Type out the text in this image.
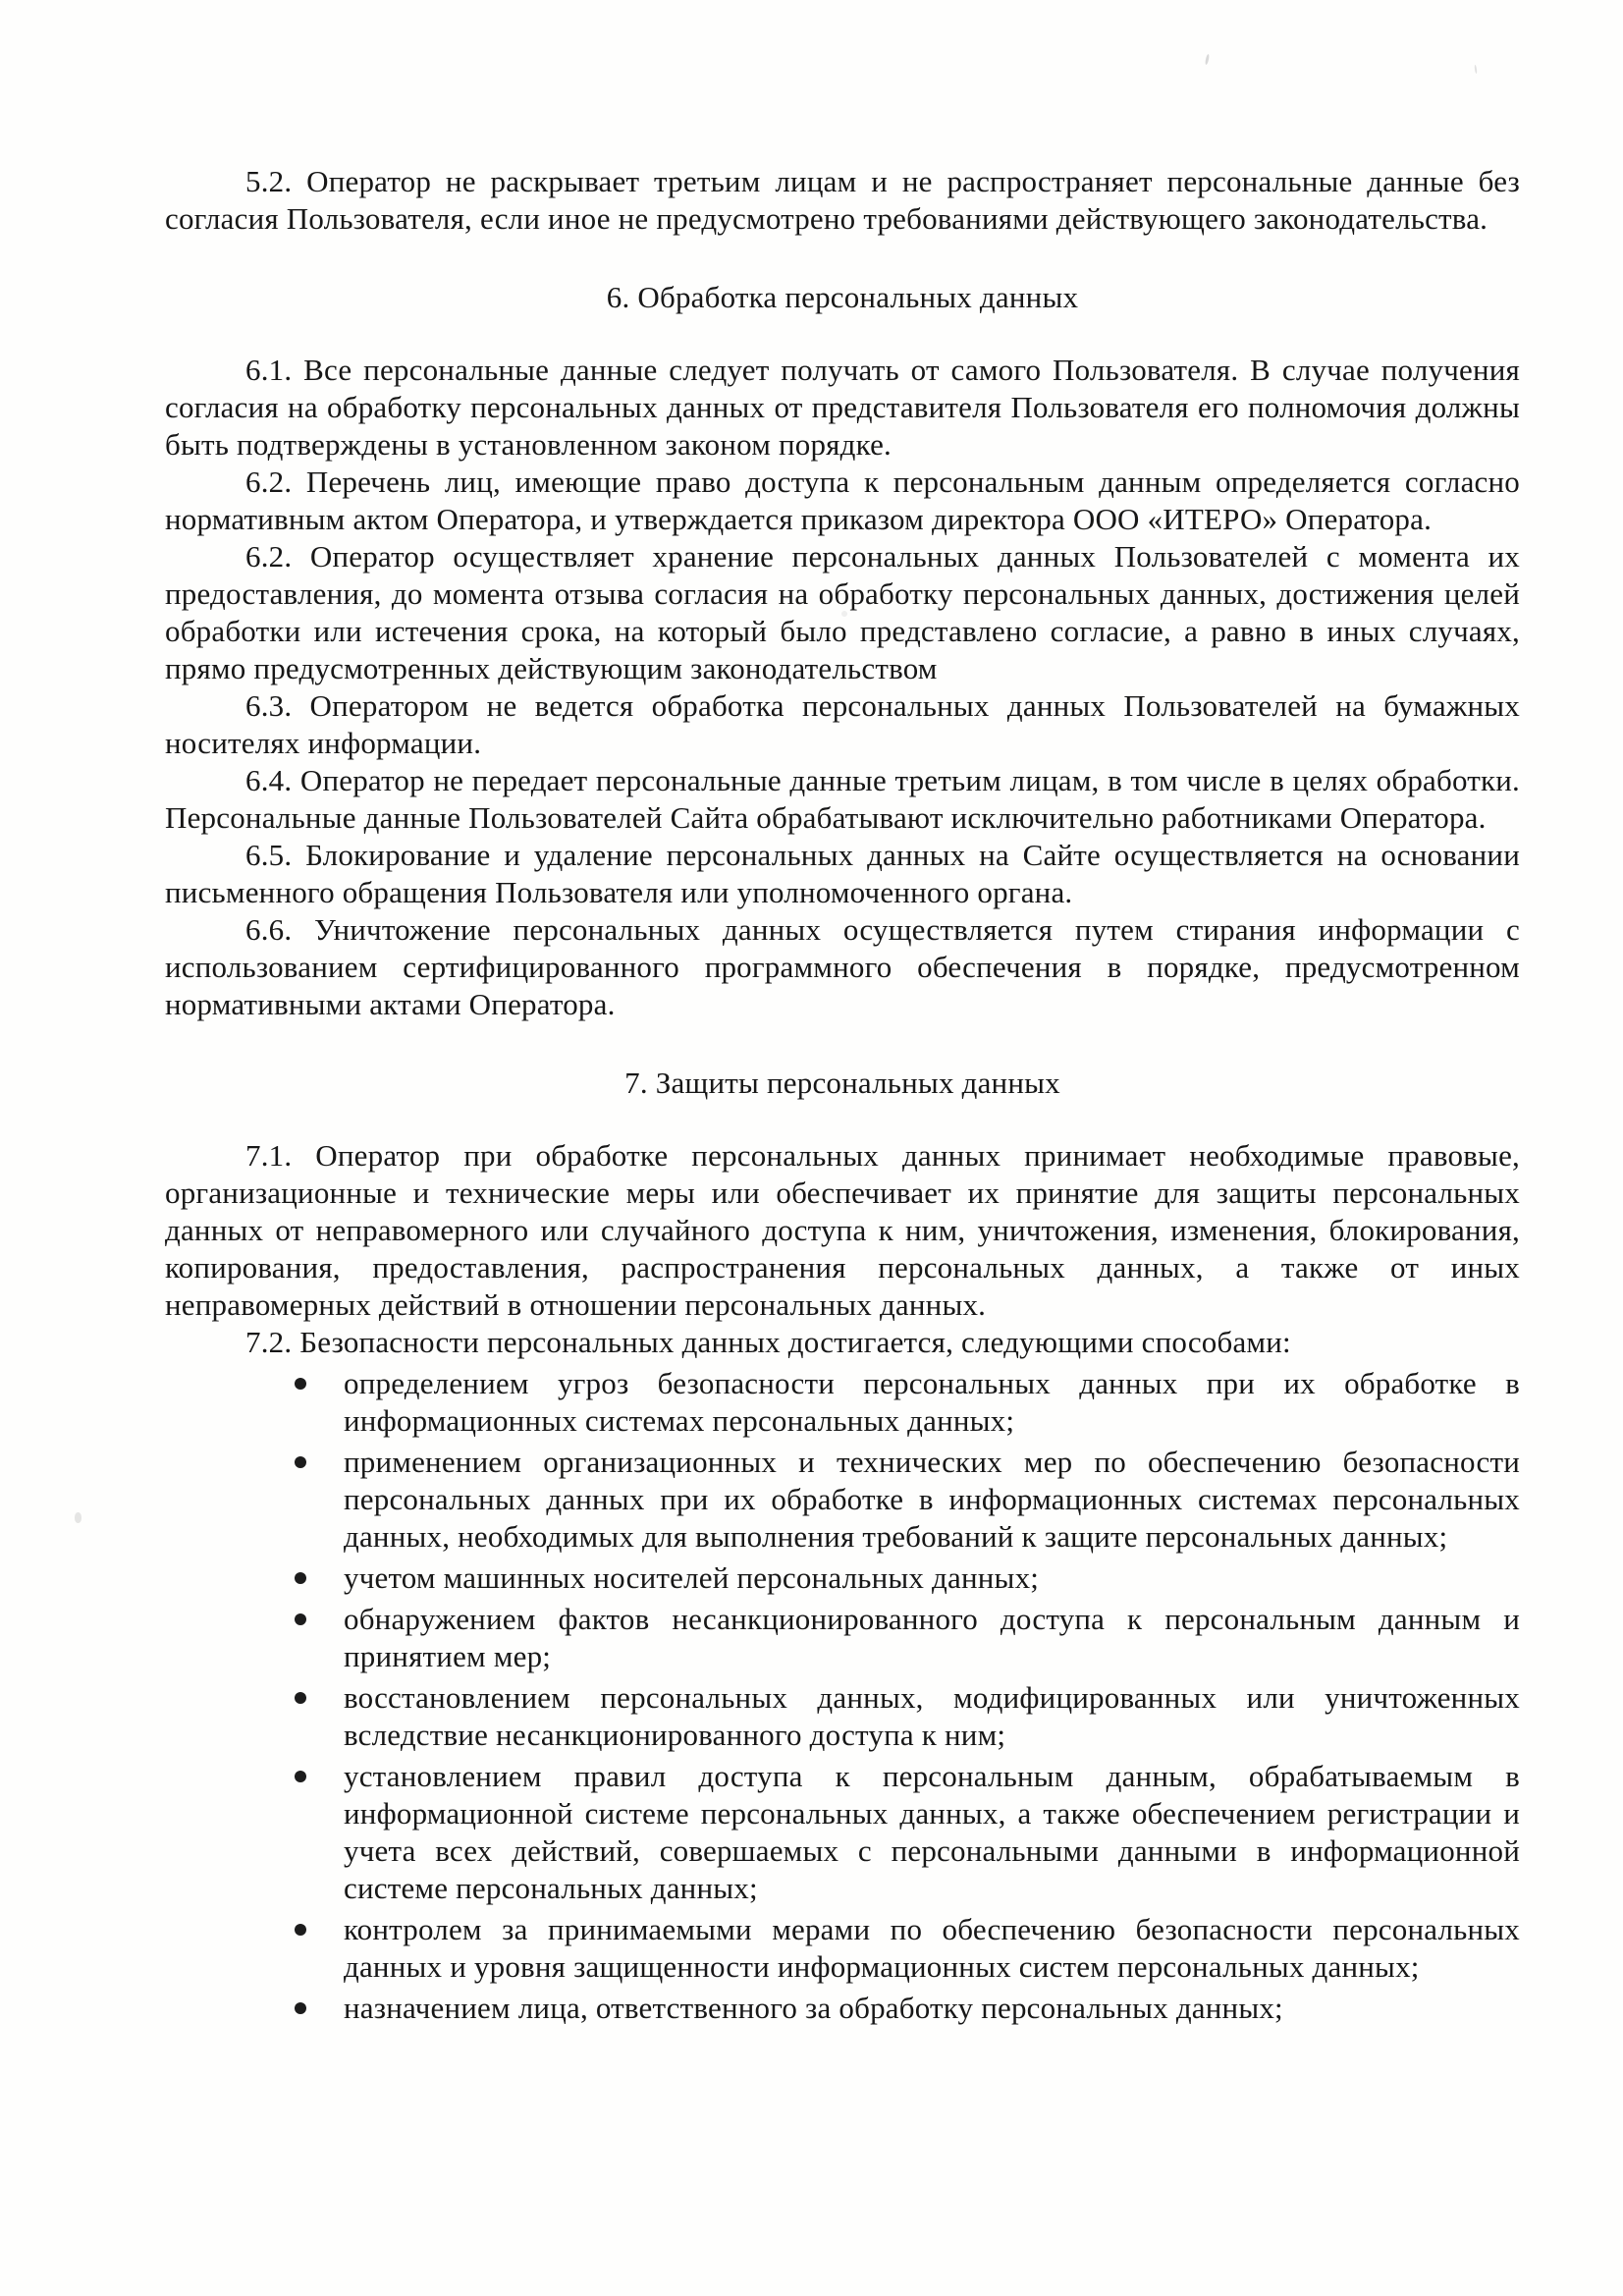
5.2. Оператор не раскрывает третьим лицам и не распространяет персональные данные без согласия Пользователя, если иное не предусмотрено требованиями действующего законодательства.

6. Обработка персональных данных

6.1. Все персональные данные следует получать от самого Пользователя. В случае получения согласия на обработку персональных данных от представителя Пользователя его полномочия должны быть подтверждены в установленном законом порядке.

6.2. Перечень лиц, имеющие право доступа к персональным данным определяется согласно нормативным актом Оператора, и утверждается приказом директора ООО «ИТЕРО» Оператора.

6.2. Оператор осуществляет хранение персональных данных Пользователей с момента их предоставления, до момента отзыва согласия на обработку персональных данных, достижения целей обработки или истечения срока, на который было представлено согласие, а равно в иных случаях, прямо предусмотренных действующим законодательством

6.3. Оператором не ведется обработка персональных данных Пользователей на бумажных носителях информации.

6.4. Оператор не передает персональные данные третьим лицам, в том числе в целях обработки. Персональные данные Пользователей Сайта обрабатывают исключительно работниками Оператора.

6.5. Блокирование и удаление персональных данных на Сайте осуществляется на основании письменного обращения Пользователя или уполномоченного органа.

6.6. Уничтожение персональных данных осуществляется путем стирания информации с использованием сертифицированного программного обеспечения в порядке, предусмотренном нормативными актами Оператора.

7. Защиты персональных данных

7.1. Оператор при обработке персональных данных принимает необходимые правовые, организационные и технические меры или обеспечивает их принятие для защиты персональных данных от неправомерного или случайного доступа к ним, уничтожения, изменения, блокирования, копирования, предоставления, распространения персональных данных, а также от иных неправомерных действий в отношении персональных данных.

7.2. Безопасности персональных данных достигается, следующими способами:

определением угроз безопасности персональных данных при их обработке в информационных системах персональных данных;
применением организационных и технических мер по обеспечению безопасности персональных данных при их обработке в информационных системах персональных данных, необходимых для выполнения требований к защите персональных данных;
учетом машинных носителей персональных данных;
обнаружением фактов несанкционированного доступа к персональным данным и принятием мер;
восстановлением персональных данных, модифицированных или уничтоженных вследствие несанкционированного доступа к ним;
установлением правил доступа к персональным данным, обрабатываемым в информационной системе персональных данных, а также обеспечением регистрации и учета всех действий, совершаемых с персональными данными в информационной системе персональных данных;
контролем за принимаемыми мерами по обеспечению безопасности персональных данных и уровня защищенности информационных систем персональных данных;
назначением лица, ответственного за обработку персональных данных;
